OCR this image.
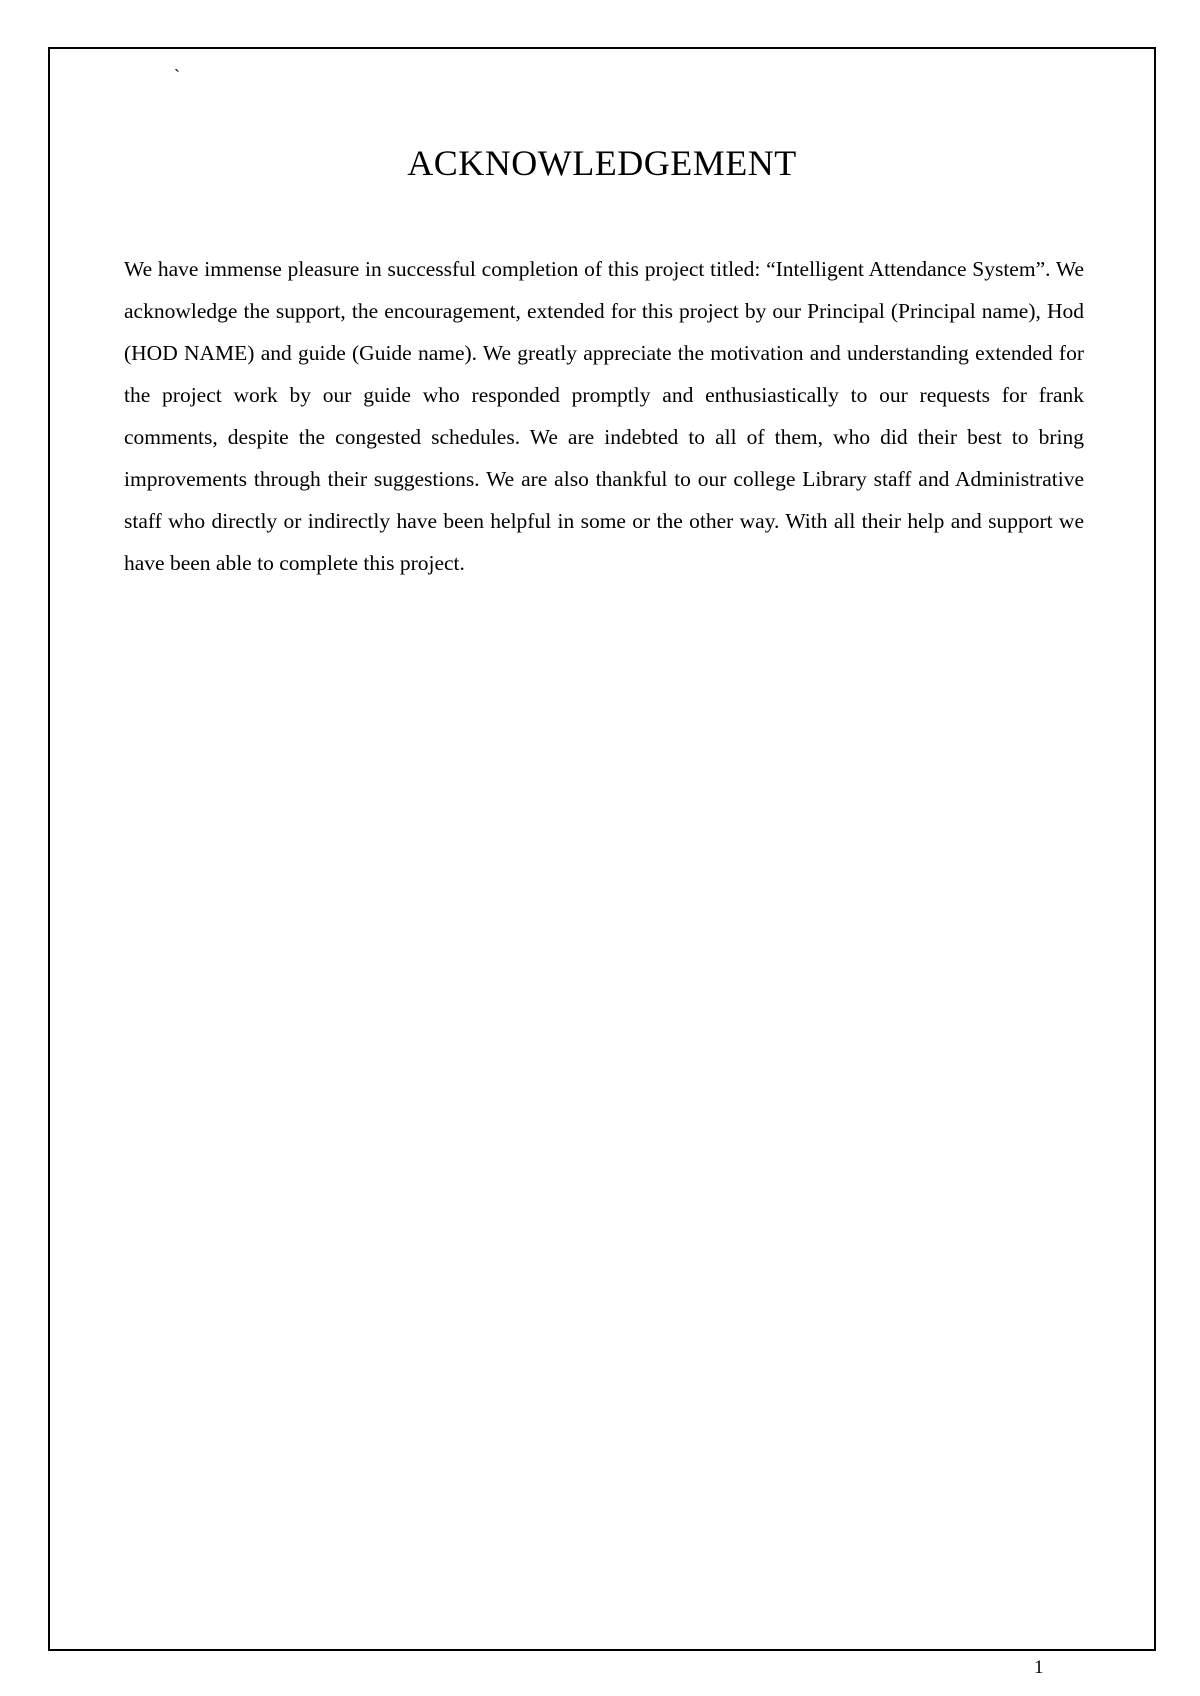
`
ACKNOWLEDGEMENT

We have immense pleasure in successful completion of this project titled: “Intelligent Attendance System”. We acknowledge the support, the encouragement, extended for this project by our Principal (Principal name), Hod (HOD NAME) and guide (Guide name). We greatly appreciate the motivation and understanding extended for the project work by our guide who responded promptly and enthusiastically to our requests for frank comments, despite the congested schedules. We are indebted to all of them, who did their best to bring improvements through their suggestions. We are also thankful to our college Library staff and Administrative staff who directly or indirectly have been helpful in some or the other way. With all their help and support we have been able to complete this project.

1
